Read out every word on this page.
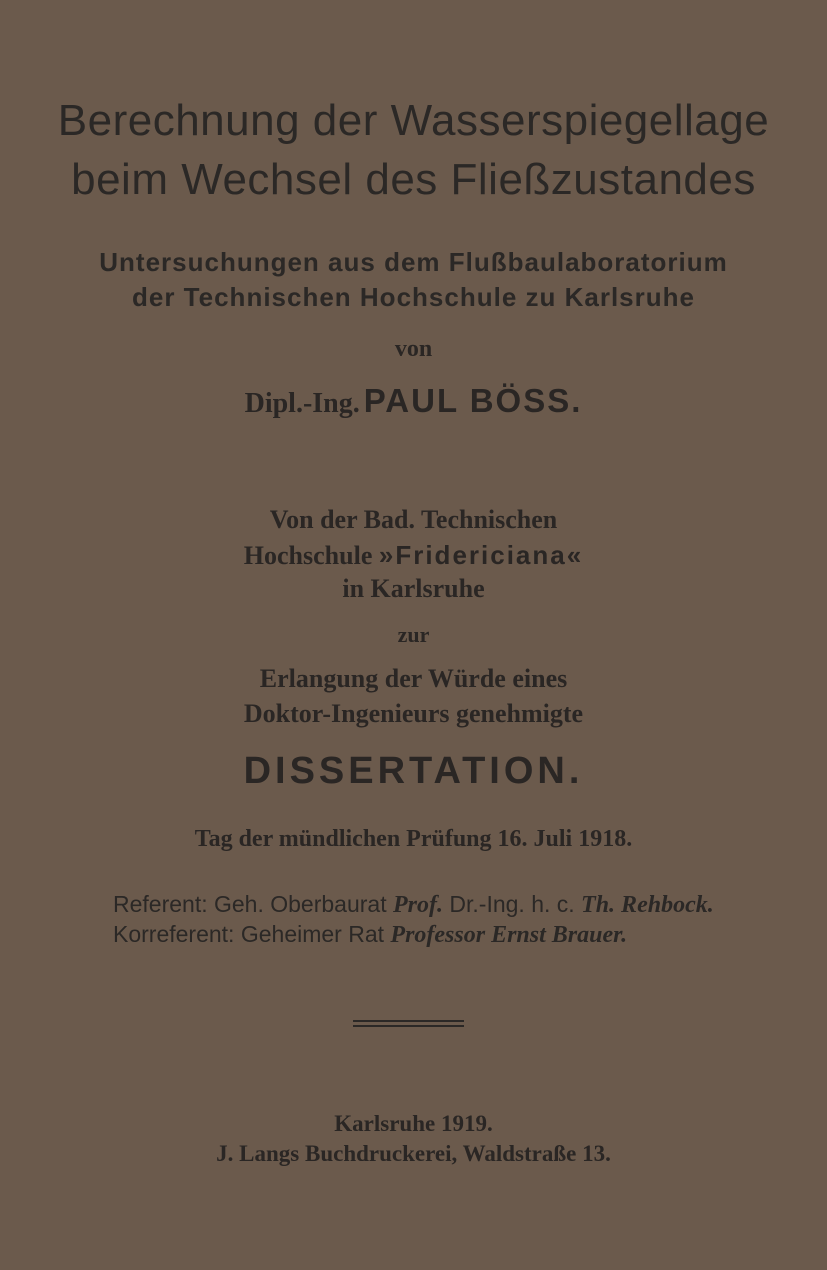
Berechnung der Wasserspiegellage
beim Wechsel des Fließzustandes
Untersuchungen aus dem Flußbaulaboratorium
der Technischen Hochschule zu Karlsruhe
von
Dipl.-Ing. PAUL BÖSS.
Von der Bad. Technischen
Hochschule »Fridericiana«
in Karlsruhe
zur
Erlangung der Würde eines
Doktor-Ingenieurs genehmigte
DISSERTATION.
Tag der mündlichen Prüfung 16. Juli 1918.
Referent: Geh. Oberbaurat Prof. Dr.-Ing. h. c. Th. Rehbock.
Korreferent: Geheimer Rat Professor Ernst Brauer.
Karlsruhe 1919.
J. Langs Buchdruckerei, Waldstraße 13.
